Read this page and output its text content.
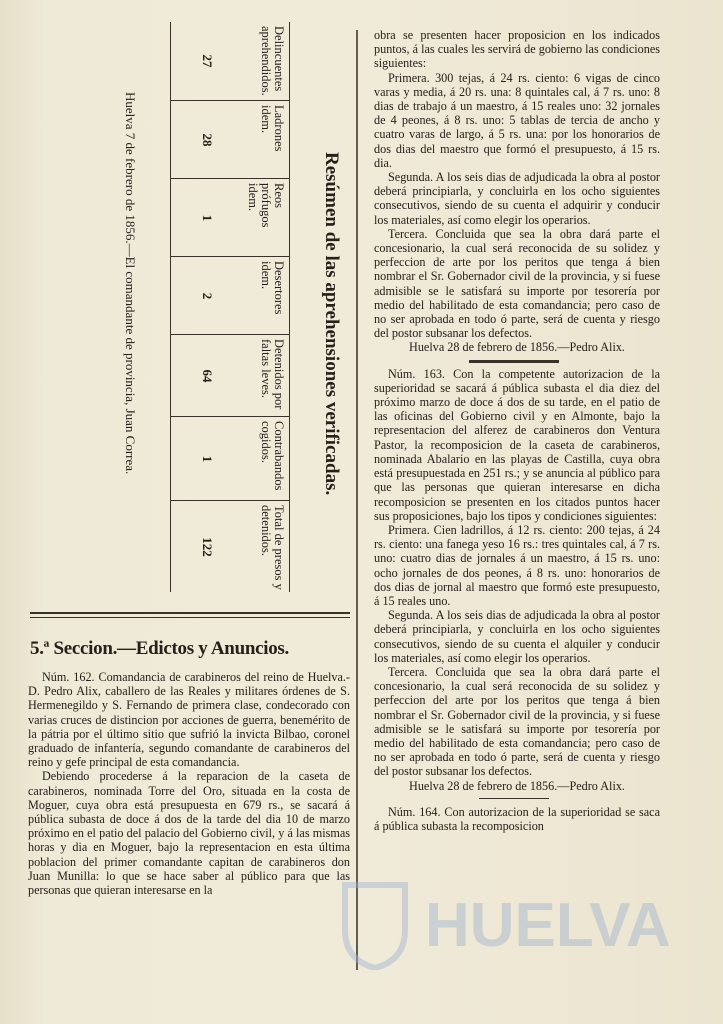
Resúmen de las aprehensiones verificadas.
Delincuentes aprehendidos.
27
Ladrones idem.
28
Reos prófugos idem.
1
Desertores idem.
2
Detenidos por faltas leves.
64
Contrabandos cogidos.
1
Total de presos y detenidos.
122
Huelva 7 de febrero de 1856.—El comandante de provincia, Juan Correa.
5.ª Seccion.—Edictos y Anuncios.

Núm. 162. Comandancia de carabineros del reino de Huelva.- D. Pedro Alix, caballero de las Reales y militares órdenes de S. Hermenegildo y S. Fernando de primera clase, condecorado con varias cruces de distincion por acciones de guerra, benemérito de la pátria por el último sitio que sufrió la invicta Bilbao, coronel graduado de infantería, segundo comandante de carabineros del reino y gefe principal de esta comandancia.

Debiendo procederse á la reparacion de la caseta de carabineros, nominada Torre del Oro, situada en la costa de Moguer, cuya obra está presupuesta en 679 rs., se sacará á pública subasta de doce á dos de la tarde del dia 10 de marzo próximo en el patio del palacio del Gobierno civil, y á las mismas horas y dia en Moguer, bajo la representacion en esta última poblacion del primer comandante capitan de carabineros don Juan Munilla: lo que se hace saber al público para que las personas que quieran interesarse en la

obra se presenten hacer proposicion en los indicados puntos, á las cuales les servirá de gobierno las condiciones siguientes:

Primera. 300 tejas, á 24 rs. ciento: 6 vigas de cinco varas y media, á 20 rs. una: 8 quintales cal, á 7 rs. uno: 8 dias de trabajo á un maestro, á 15 reales uno: 32 jornales de 4 peones, á 8 rs. uno: 5 tablas de tercia de ancho y cuatro varas de largo, á 5 rs. una: por los honorarios de dos dias del maestro que formó el presupuesto, á 15 rs. dia.

Segunda. A los seis dias de adjudicada la obra al postor deberá principiarla, y concluirla en los ocho siguientes consecutivos, siendo de su cuenta el adquirir y conducir los materiales, así como elegir los operarios.

Tercera. Concluida que sea la obra dará parte el concesionario, la cual será reconocida de su solidez y perfeccion de arte por los peritos que tenga á bien nombrar el Sr. Gobernador civil de la provincia, y si fuese admisible se le satisfará su importe por tesorería por medio del habilitado de esta comandancia; pero caso de no ser aprobada en todo ó parte, será de cuenta y riesgo del postor subsanar los defectos.

Huelva 28 de febrero de 1856.—Pedro Alix.

Núm. 163. Con la competente autorizacion de la superioridad se sacará á pública subasta el dia diez del próximo marzo de doce á dos de su tarde, en el patio de las oficinas del Gobierno civil y en Almonte, bajo la representacion del alferez de carabineros don Ventura Pastor, la recomposicion de la caseta de carabineros, nominada Abalario en las playas de Castilla, cuya obra está presupuestada en 251 rs.; y se anuncia al público para que las personas que quieran interesarse en dicha recomposicion se presenten en los citados puntos hacer sus proposiciones, bajo los tipos y condiciones siguientes:

Primera. Cien ladrillos, á 12 rs. ciento: 200 tejas, á 24 rs. ciento: una fanega yeso 16 rs.: tres quintales cal, á 7 rs. uno: cuatro dias de jornales á un maestro, á 15 rs. uno: ocho jornales de dos peones, á 8 rs. uno: honorarios de dos dias de jornal al maestro que formó este presupuesto, á 15 reales uno.

Segunda. A los seis dias de adjudicada la obra al postor deberá principiarla, y concluirla en los ocho siguientes consecutivos, siendo de su cuenta el alquiler y conducir los materiales, así como elegir los operarios.

Tercera. Concluida que sea la obra dará parte el concesionario, la cual será reconocida de su solidez y perfeccion del arte por los peritos que tenga á bien nombrar el Sr. Gobernador civil de la provincia, y si fuese admisible se le satisfará su importe por tesorería por medio del habilitado de esta comandancia; pero caso de no ser aprobada en todo ó parte, será de cuenta y riesgo del postor subsanar los defectos.

Huelva 28 de febrero de 1856.—Pedro Alix.

Núm. 164. Con autorizacion de la superioridad se saca á pública subasta la recomposicion

HUELVA
